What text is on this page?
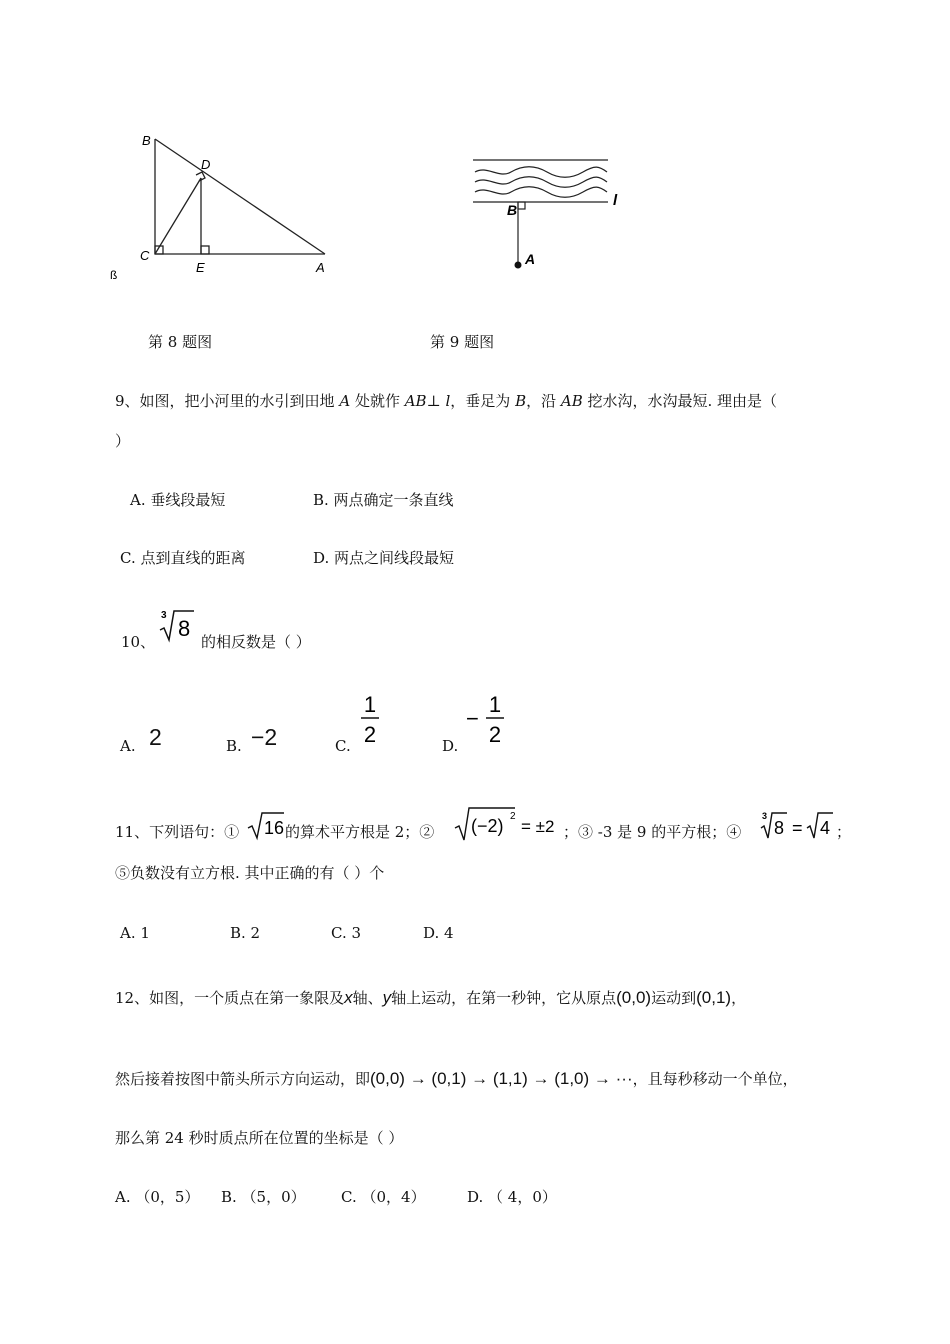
B
D
C
E	A
ß
B
l
A
第 8 题图	第 9 题图
9、如图，把小河里的水引到田地 A 处就作 AB⊥ l，垂足为 B，沿 AB 挖水沟，水沟最短. 理由是（
）
A. 垂线段最短	B. 两点确定一条直线
C. 点到直线的距离	D. 两点之间线段最短
10、
3
8
的相反数是（ ）
A. 2	B. −2	C.
1
2	D.
−
1
2
11、下列语句：① 16 的算术平方根是 2；② (−2) 2
= ±2 ；③ -3 是 9 的平方根；④
3
8 = 4 ；
⑤负数没有立方根. 其中正确的有（ ）个
A. 1	B. 2	C. 3	D. 4
12、如图，一个质点在第一象限及x轴、y轴上运动，在第一秒钟，它从原点(0,0)运动到(0,1)，
然后接着按图中箭头所示方向运动，即(0,0) → (0,1) → (1,1) → (1,0) → ···，且每秒移动一个单位，
那么第 24 秒时质点所在位置的坐标是（ ）
A. （0，5） B. （5，0） C. （0，4）	D. （ 4，0）
